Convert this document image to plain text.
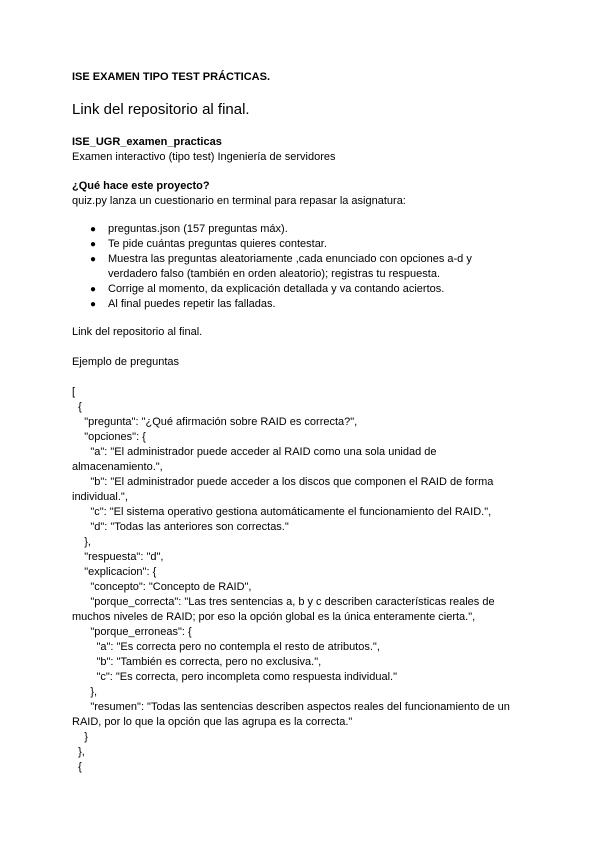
ISE EXAMEN TIPO TEST PRÁCTICAS.
Link del repositorio al final.
ISE_UGR_examen_practicas
Examen interactivo (tipo test) Ingeniería de servidores
¿Qué hace este proyecto?
quiz.py lanza un cuestionario en terminal para repasar la asignatura:
● preguntas.json (157 preguntas máx).
● Te pide cuántas preguntas quieres contestar.
● Muestra las preguntas aleatoriamente ,cada enunciado con opciones a-d y verdadero falso (también en orden aleatorio); registras tu respuesta.
● Corrige al momento, da explicación detallada y va contando aciertos.
● Al final puedes repetir las falladas.
Link del repositorio al final.
Ejemplo de preguntas
[
{
"pregunta": "¿Qué afirmación sobre RAID es correcta?",
"opciones": {
"a": "El administrador puede acceder al RAID como una sola unidad de
almacenamiento.",
"b": "El administrador puede acceder a los discos que componen el RAID de forma
individual.",
"c": "El sistema operativo gestiona automáticamente el funcionamiento del RAID.",
"d": "Todas las anteriores son correctas."
},
"respuesta": "d",
"explicacion": {
"concepto": "Concepto de RAID",
"porque_correcta": "Las tres sentencias a, b y c describen características reales de
muchos niveles de RAID; por eso la opción global es la única enteramente cierta.",
"porque_erroneas": {
"a": "Es correcta pero no contempla el resto de atributos.",
"b": "También es correcta, pero no exclusiva.",
"c": "Es correcta, pero incompleta como respuesta individual."
},
"resumen": "Todas las sentencias describen aspectos reales del funcionamiento de un
RAID, por lo que la opción que las agrupa es la correcta."
}
},
{
